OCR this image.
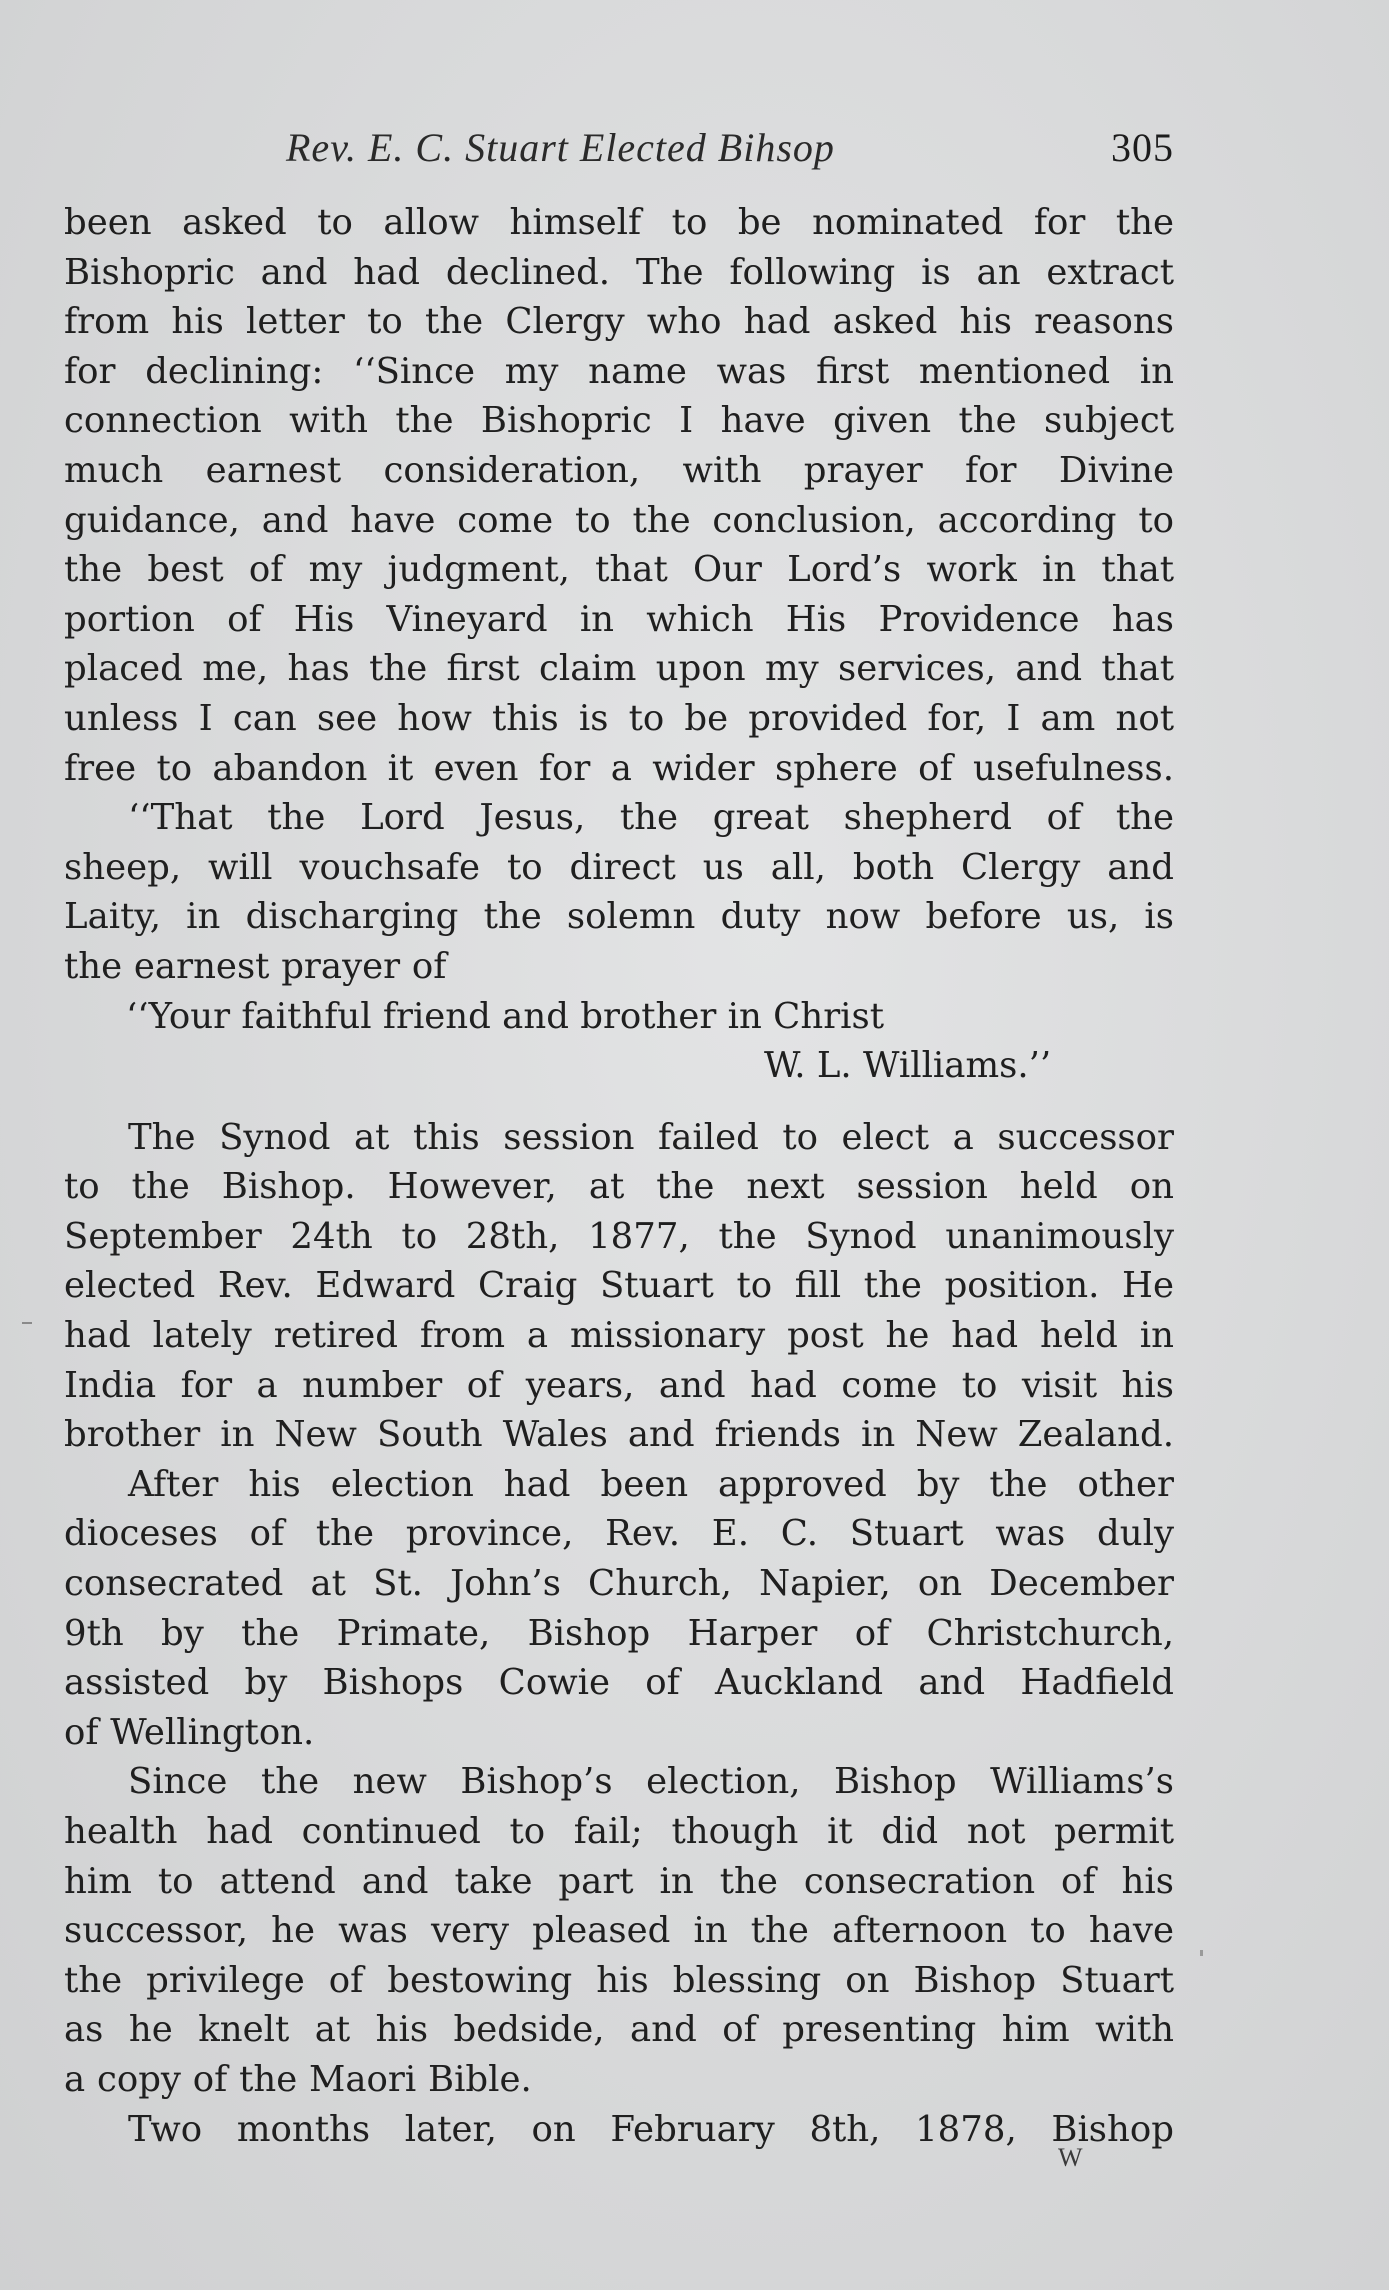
Rev. E. C. Stuart Elected Bihsop	305

been asked to allow himself to be nominated for the
Bishopric and had declined. The following is an extract
from his letter to the Clergy who had asked his reasons
for declining: ‘‘Since my name was first mentioned in
connection with the Bishopric I have given the subject
much earnest consideration, with prayer for Divine
guidance, and have come to the conclusion, according to
the best of my judgment, that Our Lord’s work in that
portion of His Vineyard in which His Providence has
placed me, has the first claim upon my services, and that
unless I can see how this is to be provided for, I am not
free to abandon it even for a wider sphere of usefulness.

‘‘That the Lord Jesus, the great shepherd of the
sheep, will vouchsafe to direct us all, both Clergy and
Laity, in discharging the solemn duty now before us, is
the earnest prayer of

‘‘Your faithful friend and brother in Christ

W. L. Williams.’’

The Synod at this session failed to elect a successor
to the Bishop. However, at the next session held on
September 24th to 28th, 1877, the Synod unanimously
elected Rev. Edward Craig Stuart to fill the position. He
had lately retired from a missionary post he had held in
India for a number of years, and had come to visit his
brother in New South Wales and friends in New Zealand.

After his election had been approved by the other
dioceses of the province, Rev. E. C. Stuart was duly
consecrated at St. John’s Church, Napier, on December
9th by the Primate, Bishop Harper of Christchurch,
assisted by Bishops Cowie of Auckland and Hadfield
of Wellington.

Since the new Bishop’s election, Bishop Williams’s
health had continued to fail; though it did not permit
him to attend and take part in the consecration of his
successor, he was very pleased in the afternoon to have
the privilege of bestowing his blessing on Bishop Stuart
as he knelt at his bedside, and of presenting him with
a copy of the Maori Bible.

Two months later, on February 8th, 1878, Bishop

W
